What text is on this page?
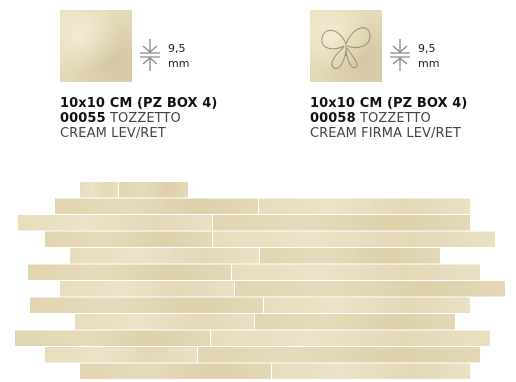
9,5
mm
10x10 CM (PZ BOX 4)
00055 TOZZETTO
CREAM LEV/RET
9,5
mm
10x10 CM (PZ BOX 4)
00058 TOZZETTO
CREAM FIRMA LEV/RET
